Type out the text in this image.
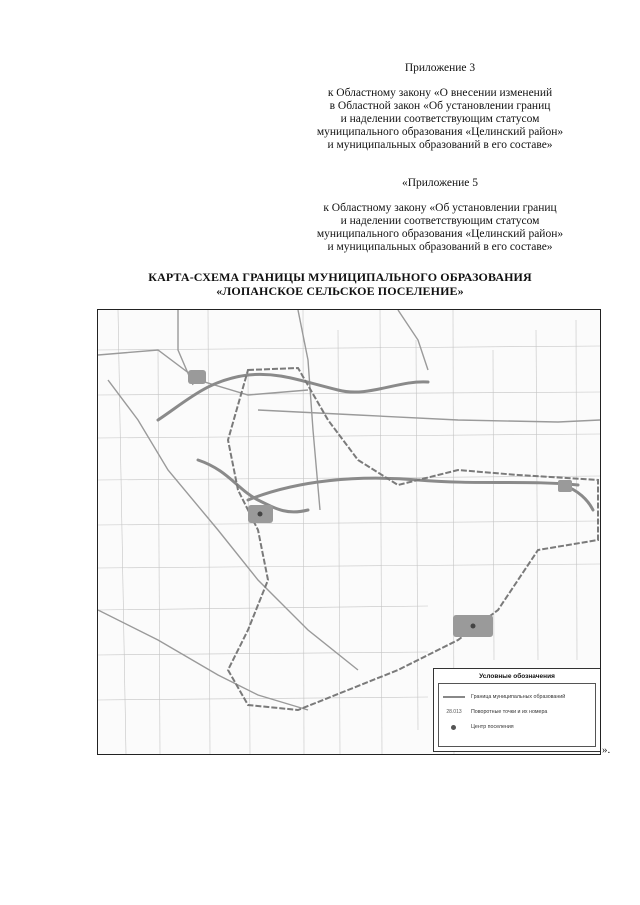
Приложение 3
к Областному закону «О внесении изменений
в Областной закон «Об установлении границ
и наделении соответствующим статусом
муниципального образования «Целинский район»
и муниципальных образований в его составе»
«Приложение 5
к Областному закону «Об установлении границ
и наделении соответствующим статусом
муниципального образования «Целинский район»
и муниципальных образований в его составе»
КАРТА-СХЕМА ГРАНИЦЫ МУНИЦИПАЛЬНОГО ОБРАЗОВАНИЯ
«ЛОПАНСКОЕ СЕЛЬСКОЕ ПОСЕЛЕНИЕ»
Условные обозначения
Граница муниципальных образований
28.013	Поворотные точки и их номера
Центр поселения
».
